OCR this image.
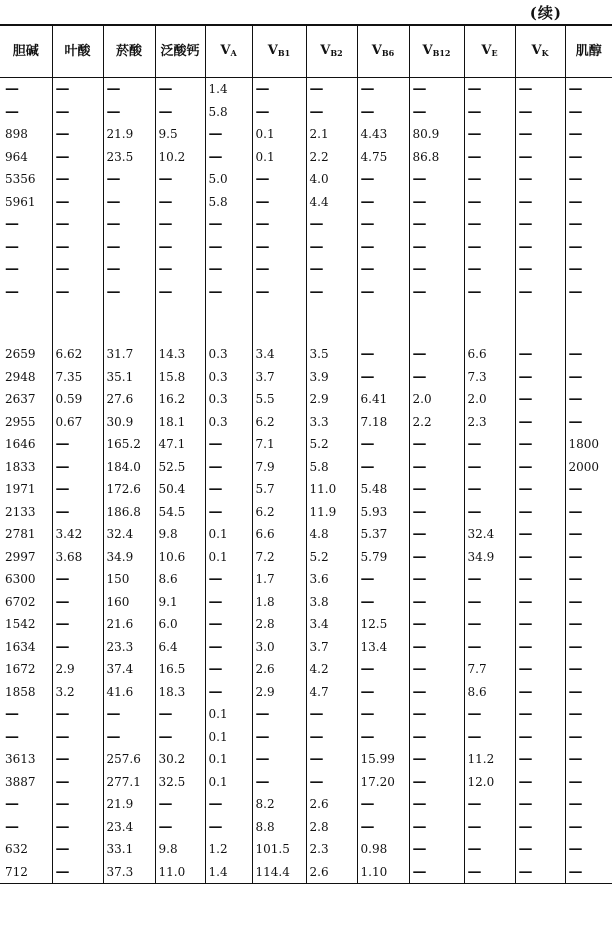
(续)
胆碱	叶酸	菸酸	泛酸钙	$V_A$	$V_{B1}$	$V_{B2}$	$V_{B6}$	$V_{B12}$	$V_E$	$V_K$	肌醇
—	—	—	—	1.4	—	—	—	—	—	—	—
—	—	—	—	5.8	—	—	—	—	—	—	—
898	—	21.9	9.5	—	0.1	2.1	4.43	80.9	—	—	—
964	—	23.5	10.2	—	0.1	2.2	4.75	86.8	—	—	—
5356	—	—	—	5.0	—	4.0	—	—	—	—	—
5961	—	—	—	5.8	—	4.4	—	—	—	—	—
—	—	—	—	—	—	—	—	—	—	—	—
—	—	—	—	—	—	—	—	—	—	—	—
—	—	—	—	—	—	—	—	—	—	—	—
—	—	—	—	—	—	—	—	—	—	—	—

2659	6.62	31.7	14.3	0.3	3.4	3.5	—	—	6.6	—	—
2948	7.35	35.1	15.8	0.3	3.7	3.9	—	—	7.3	—	—
2637	0.59	27.6	16.2	0.3	5.5	2.9	6.41	2.0	2.0	—	—
2955	0.67	30.9	18.1	0.3	6.2	3.3	7.18	2.2	2.3	—	—
1646	—	165.2	47.1	—	7.1	5.2	—	—	—	—	1800
1833	—	184.0	52.5	—	7.9	5.8	—	—	—	—	2000
1971	—	172.6	50.4	—	5.7	11.0	5.48	—	—	—	—
2133	—	186.8	54.5	—	6.2	11.9	5.93	—	—	—	—
2781	3.42	32.4	9.8	0.1	6.6	4.8	5.37	—	32.4	—	—
2997	3.68	34.9	10.6	0.1	7.2	5.2	5.79	—	34.9	—	—
6300	—	150	8.6	—	1.7	3.6	—	—	—	—	—
6702	—	160	9.1	—	1.8	3.8	—	—	—	—	—
1542	—	21.6	6.0	—	2.8	3.4	12.5	—	—	—	—
1634	—	23.3	6.4	—	3.0	3.7	13.4	—	—	—	—
1672	2.9	37.4	16.5	—	2.6	4.2	—	—	7.7	—	—
1858	3.2	41.6	18.3	—	2.9	4.7	—	—	8.6	—	—
—	—	—	—	0.1	—	—	—	—	—	—	—
—	—	—	—	0.1	—	—	—	—	—	—	—
3613	—	257.6	30.2	0.1	—	—	15.99	—	11.2	—	—
3887	—	277.1	32.5	0.1	—	—	17.20	—	12.0	—	—
—	—	21.9	—	—	8.2	2.6	—	—	—	—	—
—	—	23.4	—	—	8.8	2.8	—	—	—	—	—
632	—	33.1	9.8	1.2	101.5	2.3	0.98	—	—	—	—
712	—	37.3	11.0	1.4	114.4	2.6	1.10	—	—	—	—
